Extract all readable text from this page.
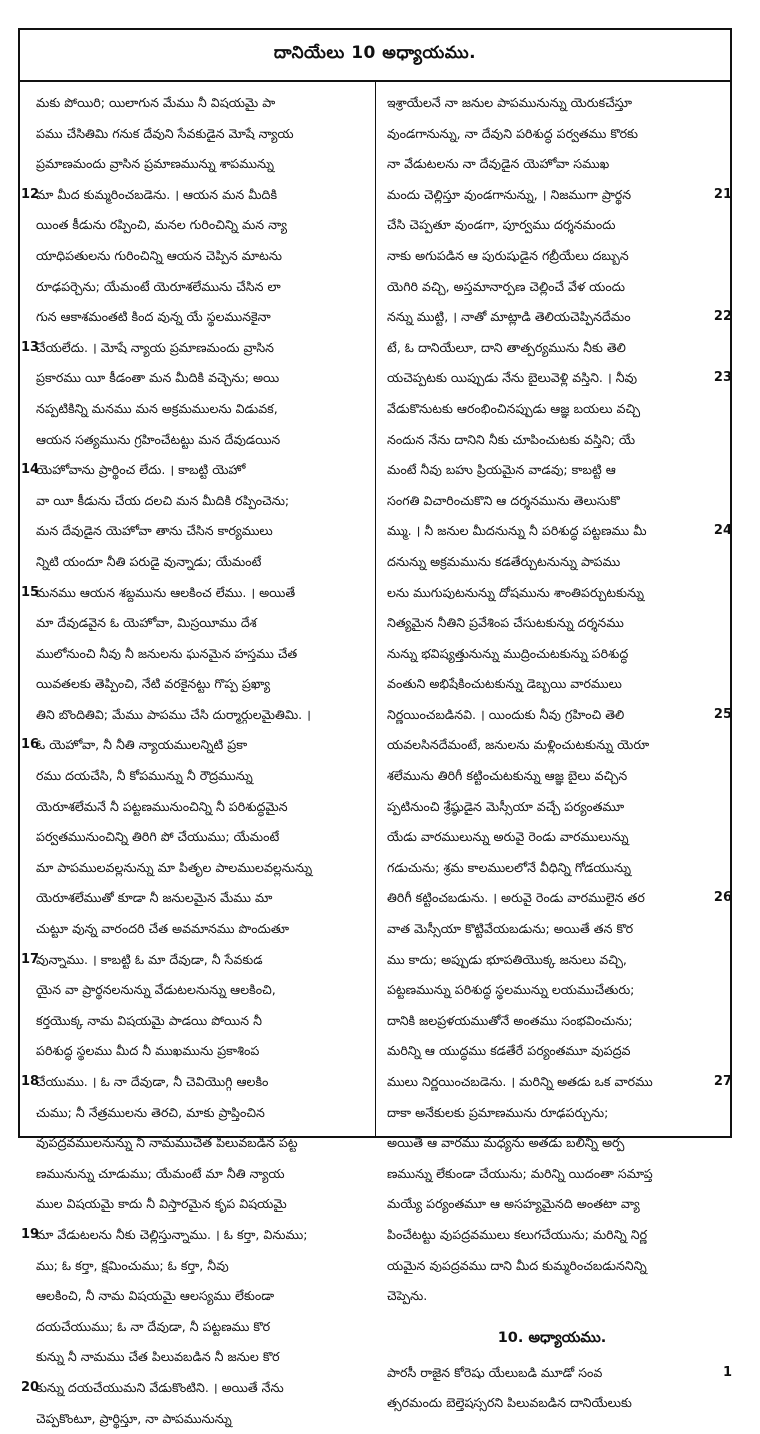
దానియేలు 10 అధ్యాయము.
మకు పోయిరి; యిలాగున మేము నీ విషయమై పా
పము చేసితిమి గనుక దేవుని సేవకుడైన మోషే న్యాయ
ప్రమాణమందు వ్రాసిన ప్రమాణమున్ను శాపమున్ను
మా మీద కుమ్మరించబడెను. । ఆయన మన మీదికి
12
యింత కీడును రప్పించి, మనల గురించిన్ని మన న్యా
యాధిపతులను గురించిన్ని ఆయన చెప్పిన మాటను
రూఢపర్చెను; యేమంటే యెరూశలేమును చేసిన లా
గున ఆకాశమంతటి కింద వున్న యే స్థలమునకైనా
చేయలేదు. । మోషే న్యాయ ప్రమాణమందు వ్రాసిన
13
ప్రకారము యీ కీడంతా మన మీదికి వచ్చెను; అయి
నప్పటికిన్ని మనము మన అక్రమములను విడువక,
ఆయన సత్యమును గ్రహించేటట్టు మన దేవుడయిన
యెహోవాను ప్రార్థించ లేదు. । కాబట్టి యెహో
14
వా యీ కీడును చేయ దలచి మన మీదికి రప్పించెను;
మన దేవుడైన యెహోవా తాను చేసిన కార్యములు
న్నిటి యందూ నీతి పరుడై వున్నాడు; యేమంటే
మనము ఆయన శబ్దమును ఆలకించ లేము. । అయితే
15
మా దేవుడవైన ఓ యెహోవా, మిస్రయీము దేశ
ములోనుంచి నీవు నీ జనులను ఘనమైన హస్తము చేత
యివతలకు తెప్పించి, నేటి వరకైనట్టు గొప్ప ప్రఖ్యా
తిని బొందితివి; మేము పాపము చేసి దుర్మార్గులమైతిమి. ।
ఓ యెహోవా, నీ నీతి న్యాయములన్నిటి ప్రకా
16
రము దయచేసి, నీ కోపమున్ను నీ రౌద్రమున్ను
యెరూశలేమనే నీ పట్టణమునుంచిన్ని నీ పరిశుద్ధమైన
పర్వతమునుంచిన్ని తిరిగి పో చేయుము; యేమంటే
మా పాపములవల్లనున్ను మా పితృల పాలములవల్లనున్ను
యెరూశలేముతో కూడా నీ జనులమైన మేము మా
చుట్టూ వున్న వారందరి చేత అవమానము పొందుతూ
వున్నాము. । కాబట్టి ఓ మా దేవుడా, నీ సేవకుడ
17
యైన వా ప్రార్థనలనున్ను వేడుటలనున్ను ఆలకించి,
కర్తయొక్క నామ విషయమై పాడయి పోయిన నీ
పరిశుద్ధ స్థలము మీద నీ ముఖమును ప్రకాశింప
చేయుము. । ఓ నా దేవుడా, నీ చెవియొగ్గి ఆలకిం
18
చుము; నీ నేత్రములను తెరచి, మాకు ప్రాప్తించిన
వుపద్రవములనున్ను నీ నామముచేత పిలువబడిన పట్ట
ణమునున్ను చూడుము; యేమంటే మా నీతి న్యాయ
ముల విషయమై కాదు నీ విస్తారమైన కృప విషయమై
మా వేడుటలను నీకు చెల్లిస్తున్నాము. । ఓ కర్తా, వినుము;
19
ము; ఓ కర్తా, క్షమించుము; ఓ కర్తా, నీవు
ఆలకించి, నీ నామ విషయమై ఆలస్యము లేకుండా
దయచేయుము; ఓ నా దేవుడా, నీ పట్టణము కొర
కున్ను నీ నామము చేత పిలువబడిన నీ జనుల కొర
కున్ను దయచేయుమని వేడుకొంటిని. । అయితే నేను
20
చెప్పకొంటూ, ప్రార్థిస్తూ, నా పాపమునున్ను
ఇశ్రాయేలనే నా జనుల పాపమునున్ను యెరుకచేస్తూ
వుండగానున్ను, నా దేవుని పరిశుద్ధ పర్వతము కొరకు
నా వేడుటలను నా దేవుడైన యెహోవా సముఖ
మందు చెల్లిస్తూ వుండగానున్ను, । నిజముగా ప్రార్థన	21
చేసి చెప్పతూ వుండగా, పూర్వము దర్శనమందు
నాకు అగుపడిన ఆ పురుషుడైన గబ్రీయేలు దబ్బున
యెగిరి వచ్చి, అస్తమానార్పణ చెల్లించే వేళ యందు
నన్ను ముట్టి, । నాతో మాట్లాడి తెలియచెప్పినదేమం	22
టే, ఓ దానియేలూ, దాని తాత్పర్యమును నీకు తెలి
యచెప్పటకు యిప్పుడు నేను బైలువెళ్లి వస్తిని. । నీవు	23
వేడుకొనుటకు ఆరంభించినప్పుడు ఆజ్ఞ బయలు వచ్చి
నందున నేను దానిని నీకు చూపించుటకు వస్తిని; యే
మంటే నీవు బహు ప్రియమైన వాడవు; కాబట్టి ఆ
సంగతి విచారించుకొని ఆ దర్శనమును తెలుసుకొ
మ్ము. । నీ జనుల మీదనున్ను నీ పరిశుద్ధ పట్టణము మీ	24
దనున్ను అక్రమమును కడతేర్చుటనున్ను పాపము
లను ముగుపుటనున్ను దోషమును శాంతిపర్చుటకున్ను
నిత్యమైన నీతిని ప్రవేశింప చేసుటకున్ను దర్శనము
నున్ను భవిష్యత్తునున్ను ముద్రించుటకున్ను పరిశుద్ధ
వంతుని అభిషేకించుటకున్ను డెబ్బయి వారములు
నిర్ణయించబడినవి. । యిందుకు నీవు గ్రహించి తెలి	25
యవలసినదేమంటే, జనులను మళ్లించుటకున్ను యెరూ
శలేమును తిరిగీ కట్టించుటకున్ను ఆజ్ఞ బైలు వచ్చిన
ప్పటినుంచి శ్రేష్ఠుడైన మెస్సీయా వచ్చే పర్యంతమూ
యేడు వారములున్ను అరువై రెండు వారములున్ను
గడుచును; శ్రమ కాలములలోనే వీధిన్ని గోడయున్ను
తిరిగీ కట్టించబడును. । అరువై రెండు వారములైన తర	26
వాత మెస్సీయా కొట్టివేయబడును; అయితే తన కొర
ము కాదు; అప్పుడు భూపతియొక్క జనులు వచ్చి,
పట్టణమున్ను పరిశుద్ధ స్థలమున్ను లయముచేతురు;
దానికి జలప్రళయముతోనే అంతము సంభవించును;
మరిన్ని ఆ యుద్ధము కడతేరే పర్యంతమూ వుపద్రవ
ములు నిర్ణయించబడెను. । మరిన్ని అతడు ఒక వారము	27
దాకా అనేకులకు ప్రమాణమును రూఢపర్చును;
అయితే ఆ వారము మధ్యను అతడు బలిన్ని అర్ప
ణమున్ను లేకుండా చేయును; మరిన్ని యిదంతా సమాప్త
మయ్యే పర్యంతమూ ఆ అసహ్యమైనది అంతటా వ్యా
పించేటట్టు వుపద్రవములు కలుగచేయును; మరిన్ని నిర్ణ
యమైన వుపద్రవము దాని మీద కుమ్మరించబడుననిన్ని
చెప్పెను.
10. అధ్యాయము.
పారసీ రాజైన కోరెషు యేలుబడి మూడో సంవ	1
త్సరమందు బెల్తెషస్సరని పిలువబడిన దానియేలుకు
